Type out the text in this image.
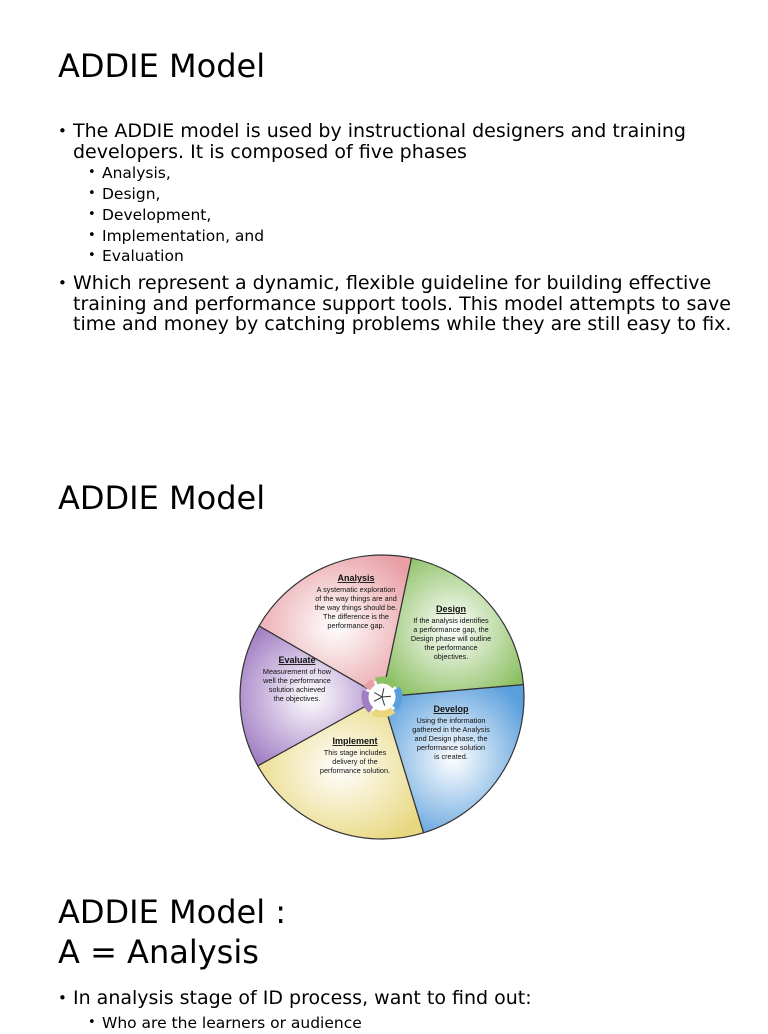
ADDIE Model
• The ADDIE model is used by instructional designers and training developers. It is composed of five phases
• Analysis,
• Design,
• Development,
• Implementation, and
• Evaluation
• Which represent a dynamic, flexible guideline for building effective training and performance support tools. This model attempts to save time and money by catching problems while they are still easy to fix.
ADDIE Model
Analysis
A systematic exploration
of the way things are and
the way things should be.
The difference is the
performance gap.
Design
If the analysis identifies
a performance gap, the
Design phase will outline
the performance
objectives.
Develop
Using the information
gathered in the Analysis
and Design phase, the
performance solution
is created.
Implement
This stage includes
delivery of the
performance solution.
Evaluate
Measurement of how
well the performance
solution achieved
the objectives.
ADDIE Model :
A = Analysis
• In analysis stage of ID process, want to find out:
• Who are the learners or audience
